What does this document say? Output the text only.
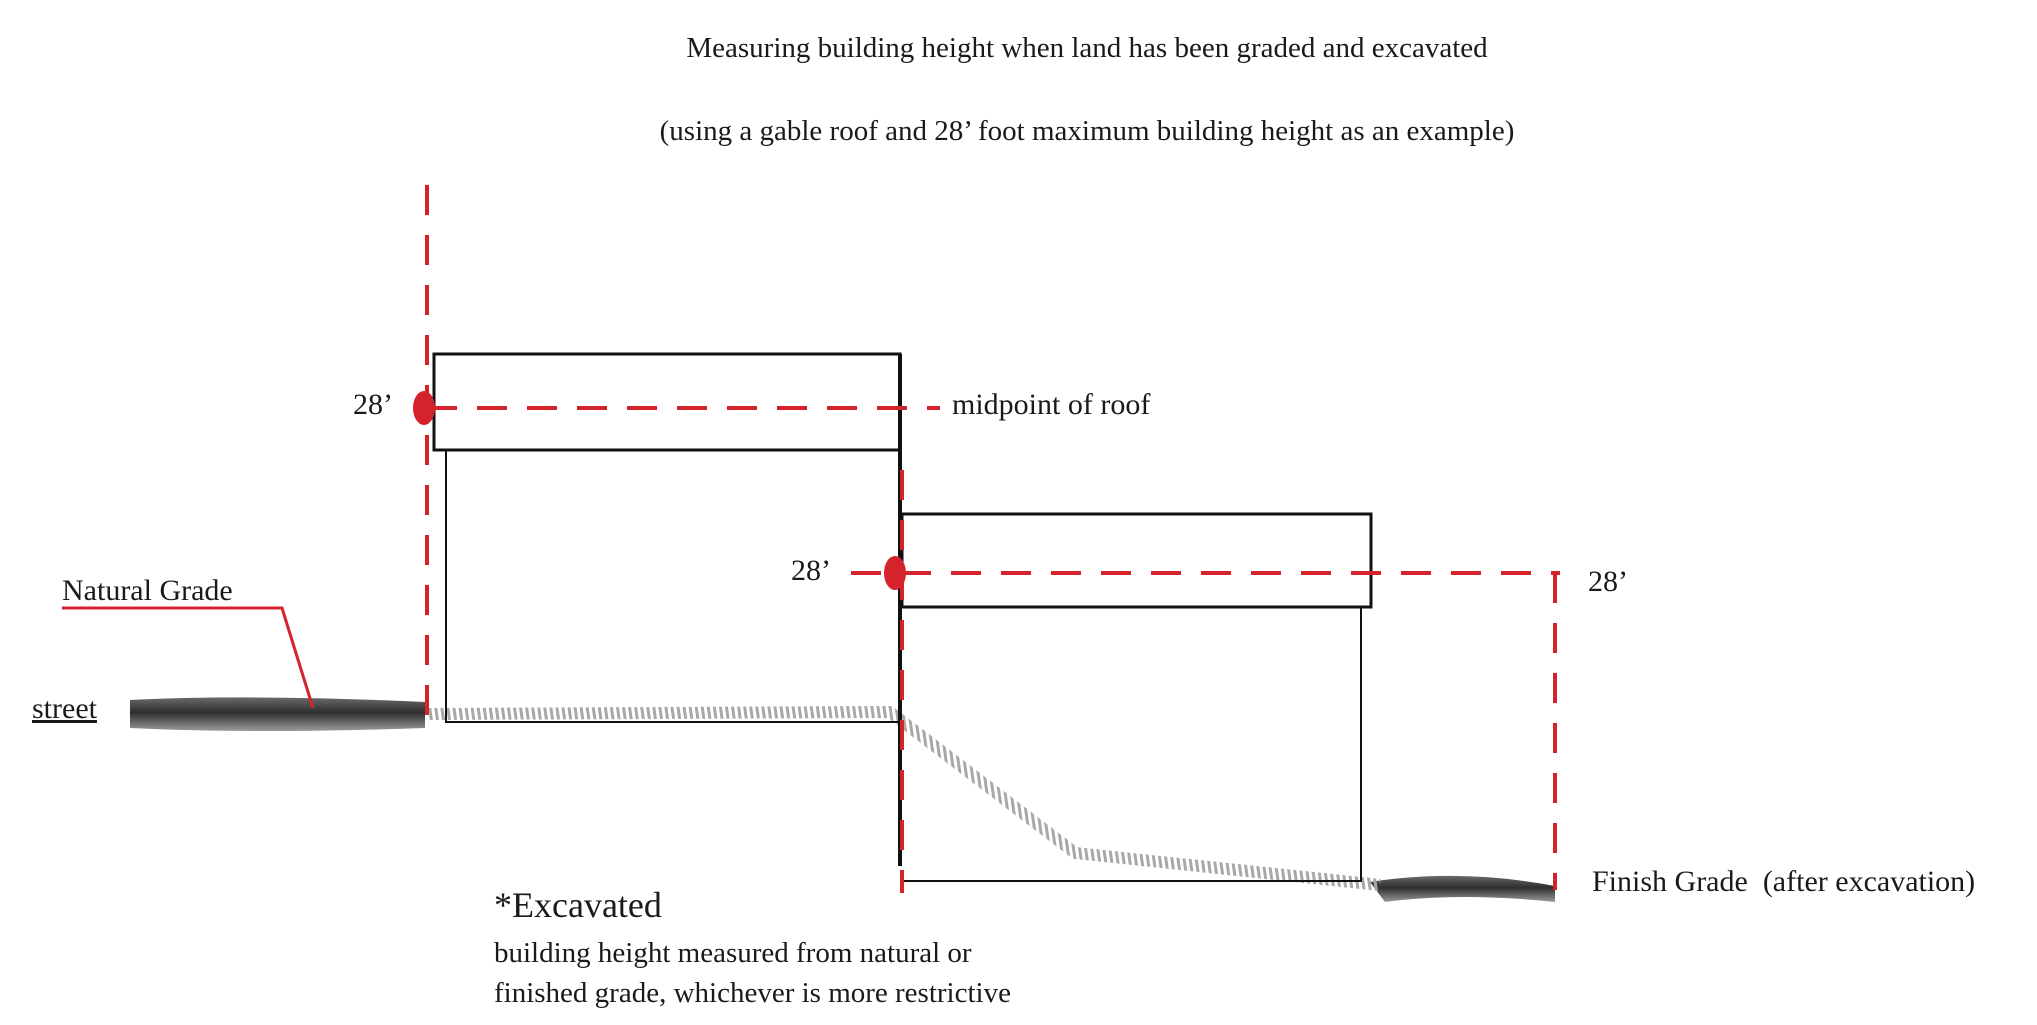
Measuring building height when land has been graded and excavated
(using a gable roof and 28’ foot maximum building height as an example)
28’
28’	28’
midpoint of roof
Natural Grade
street
Finish Grade  (after excavation)
*Excavated
building height measured from natural or
finished grade, whichever is more restrictive
